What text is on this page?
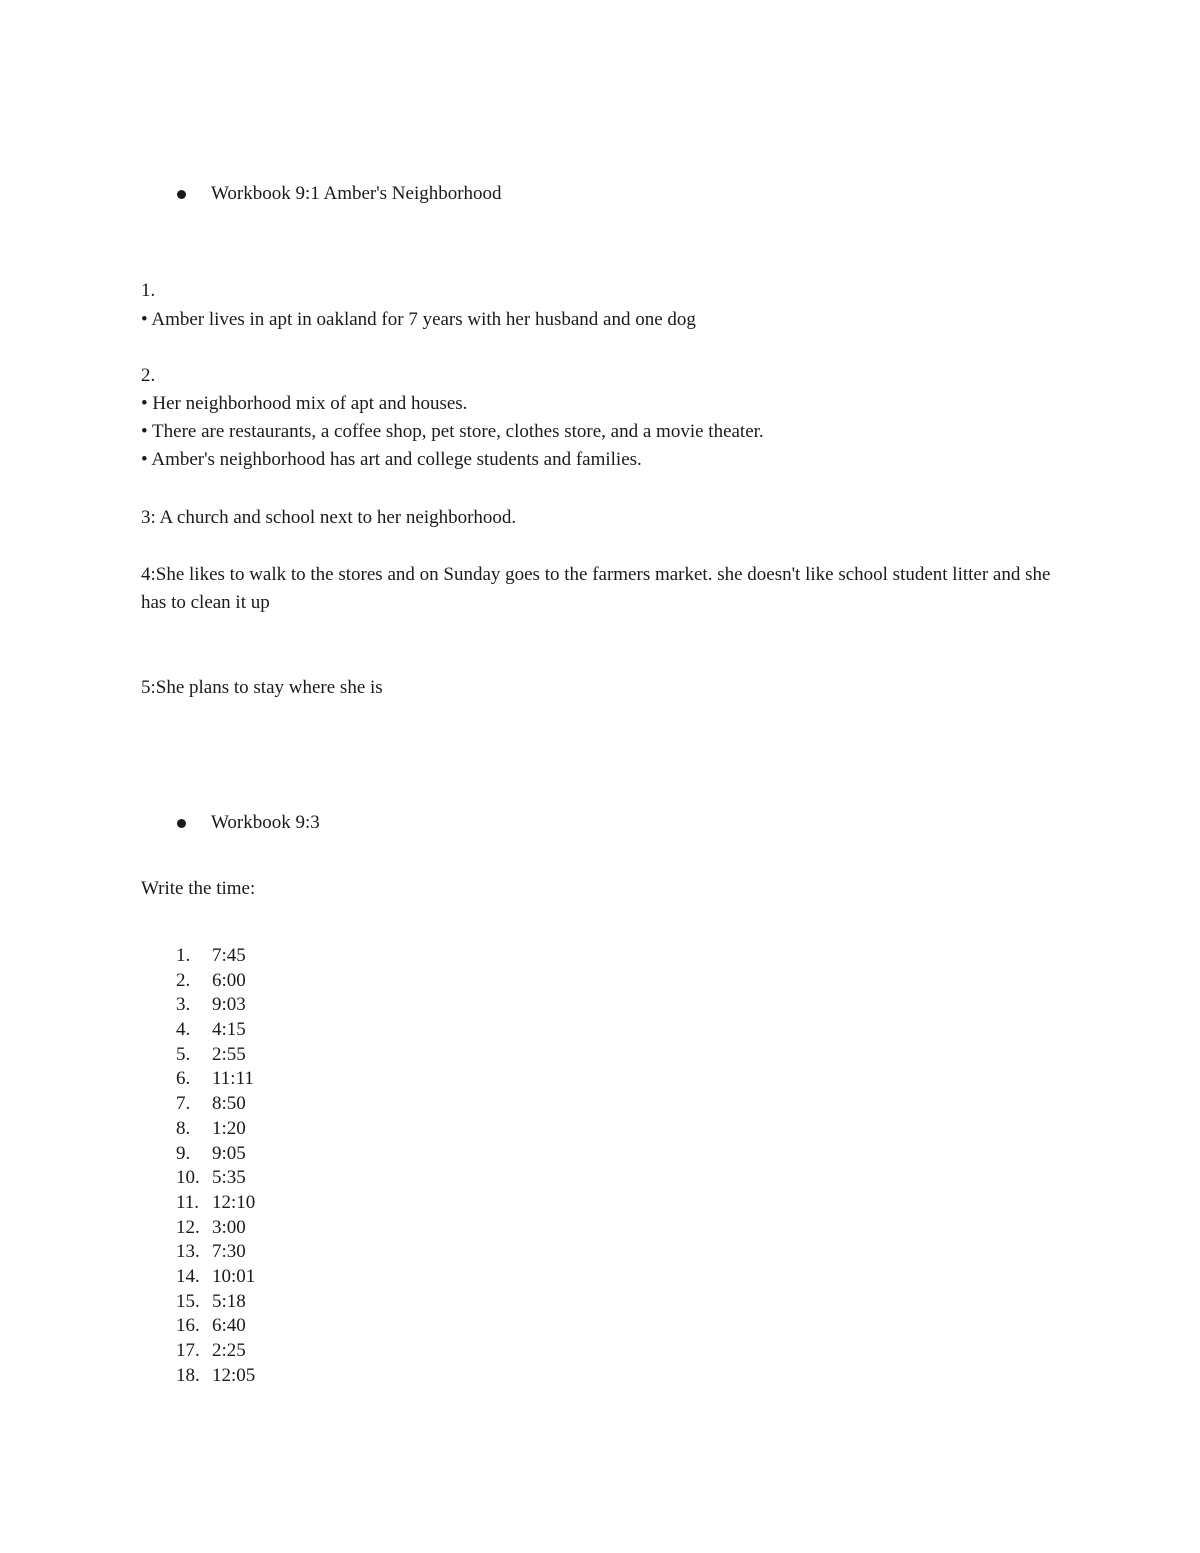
Workbook 9:1 Amber's Neighborhood
1.
• Amber lives in apt in oakland for 7 years with her husband and one dog
2.
• Her neighborhood mix of apt and houses.
• There are restaurants, a coffee shop, pet store, clothes store, and a movie theater.
• Amber's neighborhood has art and college students and families.
3: A church and school next to her neighborhood.
4:She likes to walk to the stores and on Sunday goes to the farmers market. she doesn't like school student litter and she has to clean it up
5:She plans to stay where she is
Workbook 9:3
Write the time:
1.	7:45
2.	6:00
3.	9:03
4.	4:15
5.	2:55
6.	11:11
7.	8:50
8.	1:20
9.	9:05
10. 5:35
11. 12:10
12. 3:00
13. 7:30
14. 10:01
15. 5:18
16. 6:40
17. 2:25
18. 12:05
